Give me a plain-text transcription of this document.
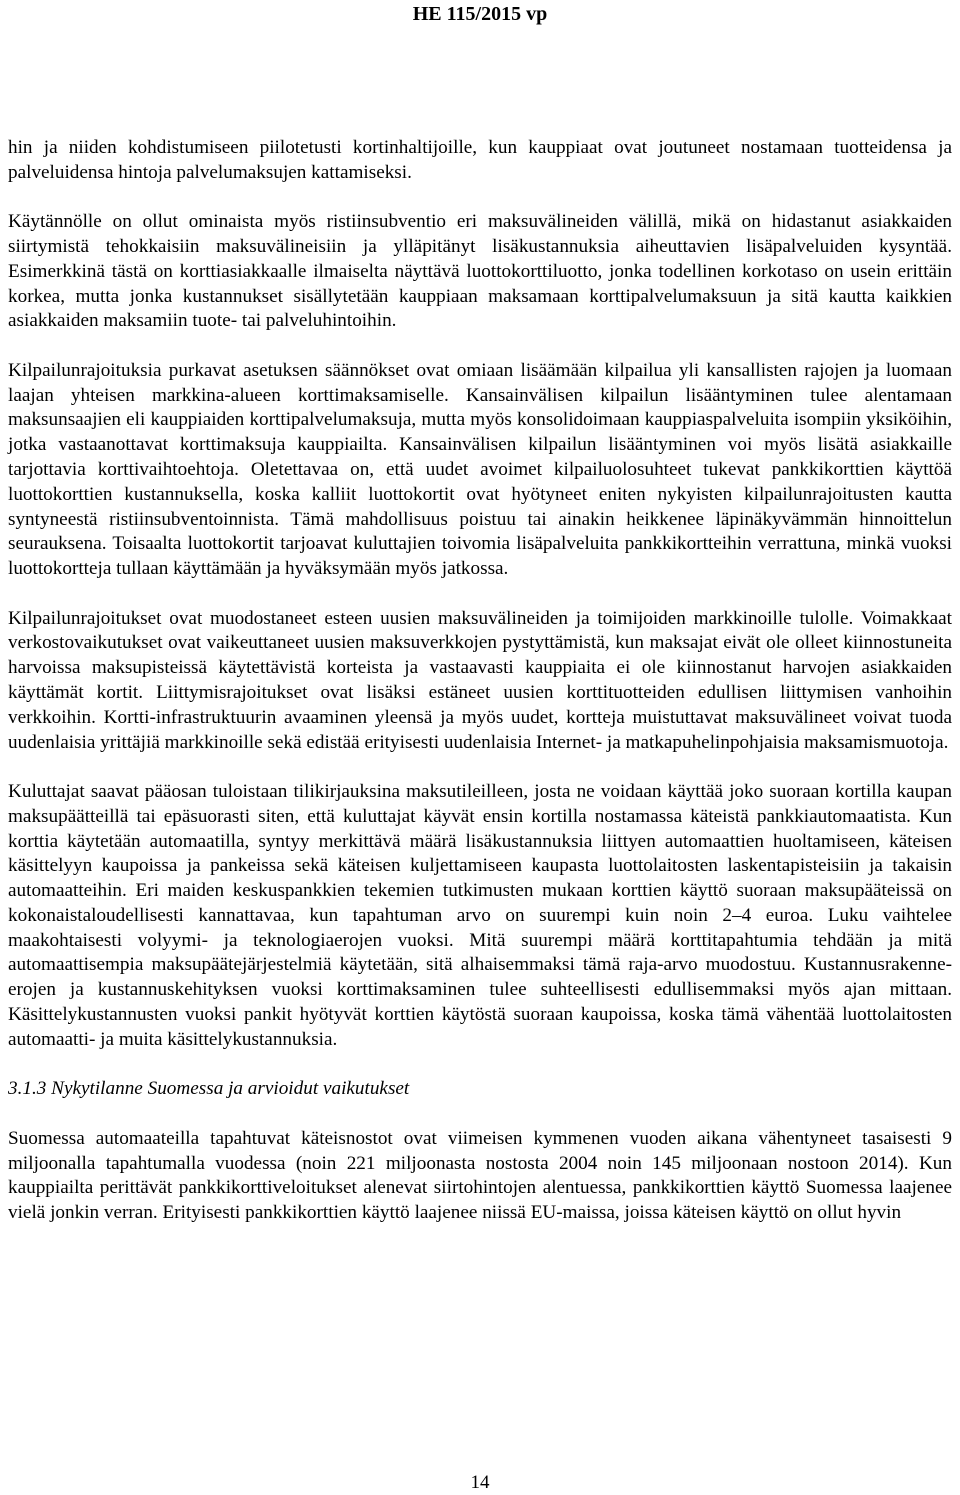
HE 115/2015 vp

hin ja niiden kohdistumiseen piilotetusti kortinhaltijoille, kun kauppiaat ovat joutuneet nostamaan tuotteidensa ja palveluidensa hintoja palvelumaksujen kattamiseksi.

Käytännölle on ollut ominaista myös ristiinsubventio eri maksuvälineiden välillä, mikä on hidastanut asiakkaiden siirtymistä tehokkaisiin maksuvälineisiin ja ylläpitänyt lisäkustannuksia aiheuttavien lisäpalveluiden kysyntää. Esimerkkinä tästä on korttiasiakkaalle ilmaiselta näyttävä luottokorttiluotto, jonka todellinen korkotaso on usein erittäin korkea, mutta jonka kustannukset sisällytetään kauppiaan maksamaan korttipalvelumaksuun ja sitä kautta kaikkien asiakkaiden maksamiin tuote- tai palveluhintoihin.

Kilpailunrajoituksia purkavat asetuksen säännökset ovat omiaan lisäämään kilpailua yli kansallisten rajojen ja luomaan laajan yhteisen markkina-alueen korttimaksamiselle. Kansainvälisen kilpailun lisääntyminen tulee alentamaan maksunsaajien eli kauppiaiden korttipalvelumaksuja, mutta myös konsolidoimaan kauppiaspalveluita isompiin yksiköihin, jotka vastaanottavat korttimaksuja kauppiailta. Kansainvälisen kilpailun lisääntyminen voi myös lisätä asiakkaille tarjottavia korttivaihtoehtoja. Oletettavaa on, että uudet avoimet kilpailuolosuhteet tukevat pankkikorttien käyttöä luottokorttien kustannuksella, koska kalliit luottokortit ovat hyötyneet eniten nykyisten kilpailunrajoitusten kautta syntyneestä ristiinsubventoinnista. Tämä mahdollisuus poistuu tai ainakin heikkenee läpinäkyvämmän hinnoittelun seurauksena. Toisaalta luottokortit tarjoavat kuluttajien toivomia lisäpalveluita pankkikortteihin verrattuna, minkä vuoksi luottokortteja tullaan käyttämään ja hyväksymään myös jatkossa.

Kilpailunrajoitukset ovat muodostaneet esteen uusien maksuvälineiden ja toimijoiden markkinoille tulolle. Voimakkaat verkostovaikutukset ovat vaikeuttaneet uusien maksuverkkojen pystyttämistä, kun maksajat eivät ole olleet kiinnostuneita harvoissa maksupisteissä käytettävistä korteista ja vastaavasti kauppiaita ei ole kiinnostanut harvojen asiakkaiden käyttämät kortit. Liittymisrajoitukset ovat lisäksi estäneet uusien korttituotteiden edullisen liittymisen vanhoihin verkkoihin. Kortti-infrastruktuurin avaaminen yleensä ja myös uudet, kortteja muistuttavat maksuvälineet voivat tuoda uudenlaisia yrittäjiä markkinoille sekä edistää erityisesti uudenlaisia Internet- ja matkapuhelinpohjaisia maksamismuotoja.

Kuluttajat saavat pääosan tuloistaan tilikirjauksina maksutileilleen, josta ne voidaan käyttää joko suoraan kortilla kaupan maksupäätteillä tai epäsuorasti siten, että kuluttajat käyvät ensin kortilla nostamassa käteistä pankkiautomaatista. Kun korttia käytetään automaatilla, syntyy merkittävä määrä lisäkustannuksia liittyen automaattien huoltamiseen, käteisen käsittelyyn kaupoissa ja pankeissa sekä käteisen kuljettamiseen kaupasta luottolaitosten laskentapisteisiin ja takaisin automaatteihin. Eri maiden keskuspankkien tekemien tutkimusten mukaan korttien käyttö suoraan maksupääteissä on kokonaistaloudellisesti kannattavaa, kun tapahtuman arvo on suurempi kuin noin 2–4 euroa. Luku vaihtelee maakohtaisesti volyymi- ja teknologiaerojen vuoksi. Mitä suurempi määrä korttitapahtumia tehdään ja mitä automaattisempia maksupäätejärjestelmiä käytetään, sitä alhaisemmaksi tämä raja-arvo muodostuu. Kustannusrakenneerojen ja kustannuskehityksen vuoksi korttimaksaminen tulee suhteellisesti edullisemmaksi myös ajan mittaan. Käsittelykustannusten vuoksi pankit hyötyvät korttien käytöstä suoraan kaupoissa, koska tämä vähentää luottolaitosten automaatti- ja muita käsittelykustannuksia.

3.1.3 Nykytilanne Suomessa ja arvioidut vaikutukset

Suomessa automaateilla tapahtuvat käteisnostot ovat viimeisen kymmenen vuoden aikana vähentyneet tasaisesti 9 miljoonalla tapahtumalla vuodessa (noin 221 miljoonasta nostosta 2004 noin 145 miljoonaan nostoon 2014). Kun kauppiailta perittävät pankkikorttiveloitukset alenevat siirtohintojen alentuessa, pankkikorttien käyttö Suomessa laajenee vielä jonkin verran. Erityisesti pankkikorttien käyttö laajenee niissä EU-maissa, joissa käteisen käyttö on ollut hyvin

14
